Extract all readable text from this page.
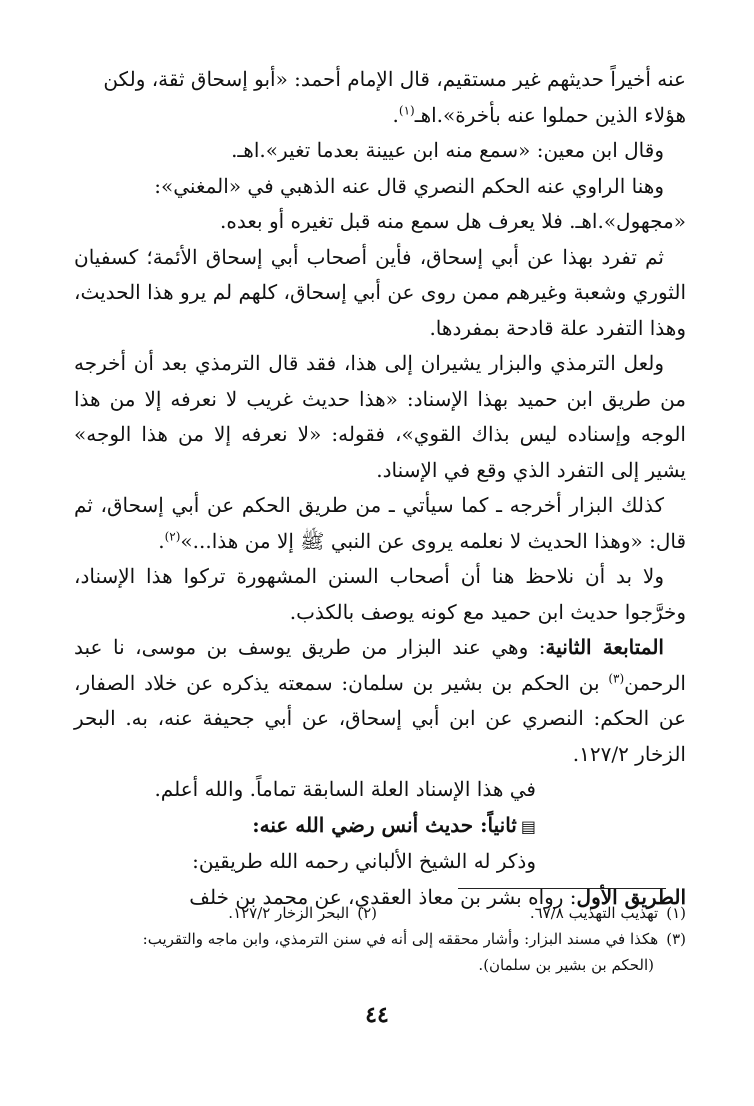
عنه أخيراً حديثهم غير مستقيم، قال الإمام أحمد: «أبو إسحاق ثقة، ولكن
هؤلاء الذين حملوا عنه بأخرة».اهـ$^{(١)}$.

وقال ابن معين: «سمع منه ابن عيينة بعدما تغير».اهـ.

وهنا الراوي عنه الحكم النصري قال عنه الذهبي في «المغني»:
«مجهول».اهـ. فلا يعرف هل سمع منه قبل تغيره أو بعده.

ثم تفرد بهذا عن أبي إسحاق، فأين أصحاب أبي إسحاق الأئمة؛ كسفيان الثوري وشعبة وغيرهم ممن روى عن أبي إسحاق، كلهم لم يرو هذا الحديث، وهذا التفرد علة قادحة بمفردها.

ولعل الترمذي والبزار يشيران إلى هذا، فقد قال الترمذي بعد أن أخرجه من طريق ابن حميد بهذا الإسناد: «هذا حديث غريب لا نعرفه إلا من هذا الوجه وإسناده ليس بذاك القوي»، فقوله: «لا نعرفه إلا من هذا الوجه» يشير إلى التفرد الذي وقع في الإسناد.

كذلك البزار أخرجه ـ كما سيأتي ـ من طريق الحكم عن أبي إسحاق، ثم قال: «وهذا الحديث لا نعلمه يروى عن النبي ﷺ إلا من هذا...»$^{(٢)}$.

ولا بد أن نلاحظ هنا أن أصحاب السنن المشهورة تركوا هذا الإسناد، وخرَّجوا حديث ابن حميد مع كونه يوصف بالكذب.

المتابعة الثانية: وهي عند البزار من طريق يوسف بن موسى، نا عبد الرحمن$^{(٣)}$ بن الحكم بن بشير بن سلمان: سمعته يذكره عن خلاد الصفار، عن الحكم: النصري عن ابن أبي إسحاق، عن أبي جحيفة عنه، به. البحر الزخار ١٢٧/٢.

في هذا الإسناد العلة السابقة تماماً. والله أعلم.

▤ثانياً: حديث أنس رضي الله عنه:

وذكر له الشيخ الألباني رحمه الله طريقين:

الطريق الأول: رواه بشر بن معاذ العقدي، عن محمد بن خلف

(١)تهذيب التهذيب ٦٧/٨.
(٢)البحر الزخار ١٢٧/٢.
(٣)هكذا في مسند البزار: وأشار محققه إلى أنه في سنن الترمذي، وابن ماجه والتقريب:
(الحكم بن بشير بن سلمان).
٤٤
